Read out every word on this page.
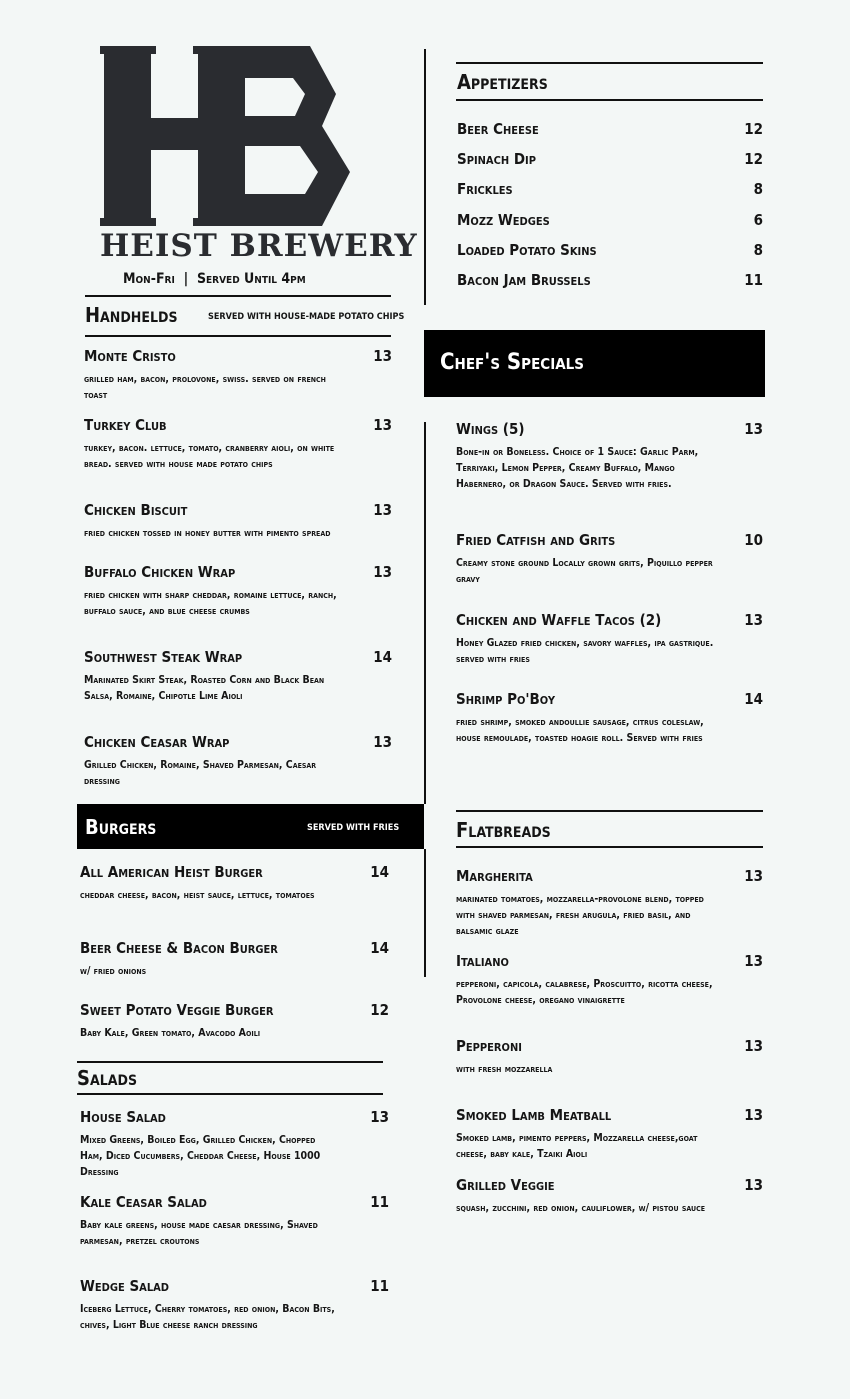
HEIST BREWERY
Mon-Fri  |  Served Until 4pm
Handhelds	SERVED WITH HOUSE-MADE POTATO CHIPS
Monte Cristo	13
grilled ham, bacon, prolovone, swiss. served on french toast
Turkey Club	13
turkey, bacon. lettuce, tomato, cranberry aioli, on white bread. served with house made potato chips
Chicken Biscuit	13
fried chicken tossed in honey butter with pimento spread
Buffalo Chicken Wrap	13
fried chicken with sharp cheddar, romaine lettuce, ranch, buffalo sauce, and blue cheese crumbs
Southwest Steak Wrap	14
Marinated Skirt Steak, Roasted Corn and Black Bean Salsa, Romaine, Chipotle Lime Aioli
Chicken Ceasar Wrap	13
Grilled Chicken, Romaine, Shaved Parmesan, Caesar dressing
Burgers	SERVED WITH FRIES
All American Heist Burger	14
cheddar cheese, bacon, heist sauce, lettuce, tomatoes
Beer Cheese & Bacon Burger	14
w/ fried onions
Sweet Potato Veggie Burger	12
Baby Kale, Green tomato, Avacodo Aoili
Salads
House Salad	13
Mixed Greens, Boiled Egg, Grilled Chicken, Chopped Ham, Diced Cucumbers, Cheddar Cheese, House 1000 Dressing
Kale Ceasar Salad	11
Baby kale greens, house made caesar dressing, Shaved parmesan, pretzel croutons
Wedge Salad	11
Iceberg Lettuce, Cherry tomatoes, red onion, Bacon Bits, chives, Light Blue cheese ranch dressing
Appetizers
Beer Cheese	12
Spinach Dip	12
Frickles	8
Mozz Wedges	6
Loaded Potato Skins	8
Bacon Jam Brussels	11
Chef's Specials
Wings (5)	13
Bone-in or Boneless. Choice of 1 Sauce: Garlic Parm, Terriyaki, Lemon Pepper, Creamy Buffalo, Mango Habernero, or Dragon Sauce. Served with fries.
Fried Catfish and Grits	10
Creamy stone ground Locally grown grits, Piquillo pepper gravy
Chicken and Waffle Tacos (2)	13
Honey Glazed fried chicken, savory waffles, ipa gastrique. served with fries
Shrimp Po'Boy	14
fried shrimp, smoked andoullie sausage, citrus coleslaw, house remoulade, toasted hoagie roll. Served with fries
Flatbreads
Margherita	13
marinated tomatoes, mozzarella-provolone blend, topped with shaved parmesan, fresh arugula, fried basil, and balsamic glaze
Italiano	13
pepperoni, capicola, calabrese, Proscuitto, ricotta cheese, Provolone cheese, oregano vinaigrette
Pepperoni	13
with fresh mozzarella
Smoked Lamb Meatball	13
Smoked lamb, pimento peppers, Mozzarella cheese,goat cheese, baby kale, Tzaiki Aioli
Grilled Veggie	13
squash, zucchini, red onion, cauliflower, w/ pistou sauce
